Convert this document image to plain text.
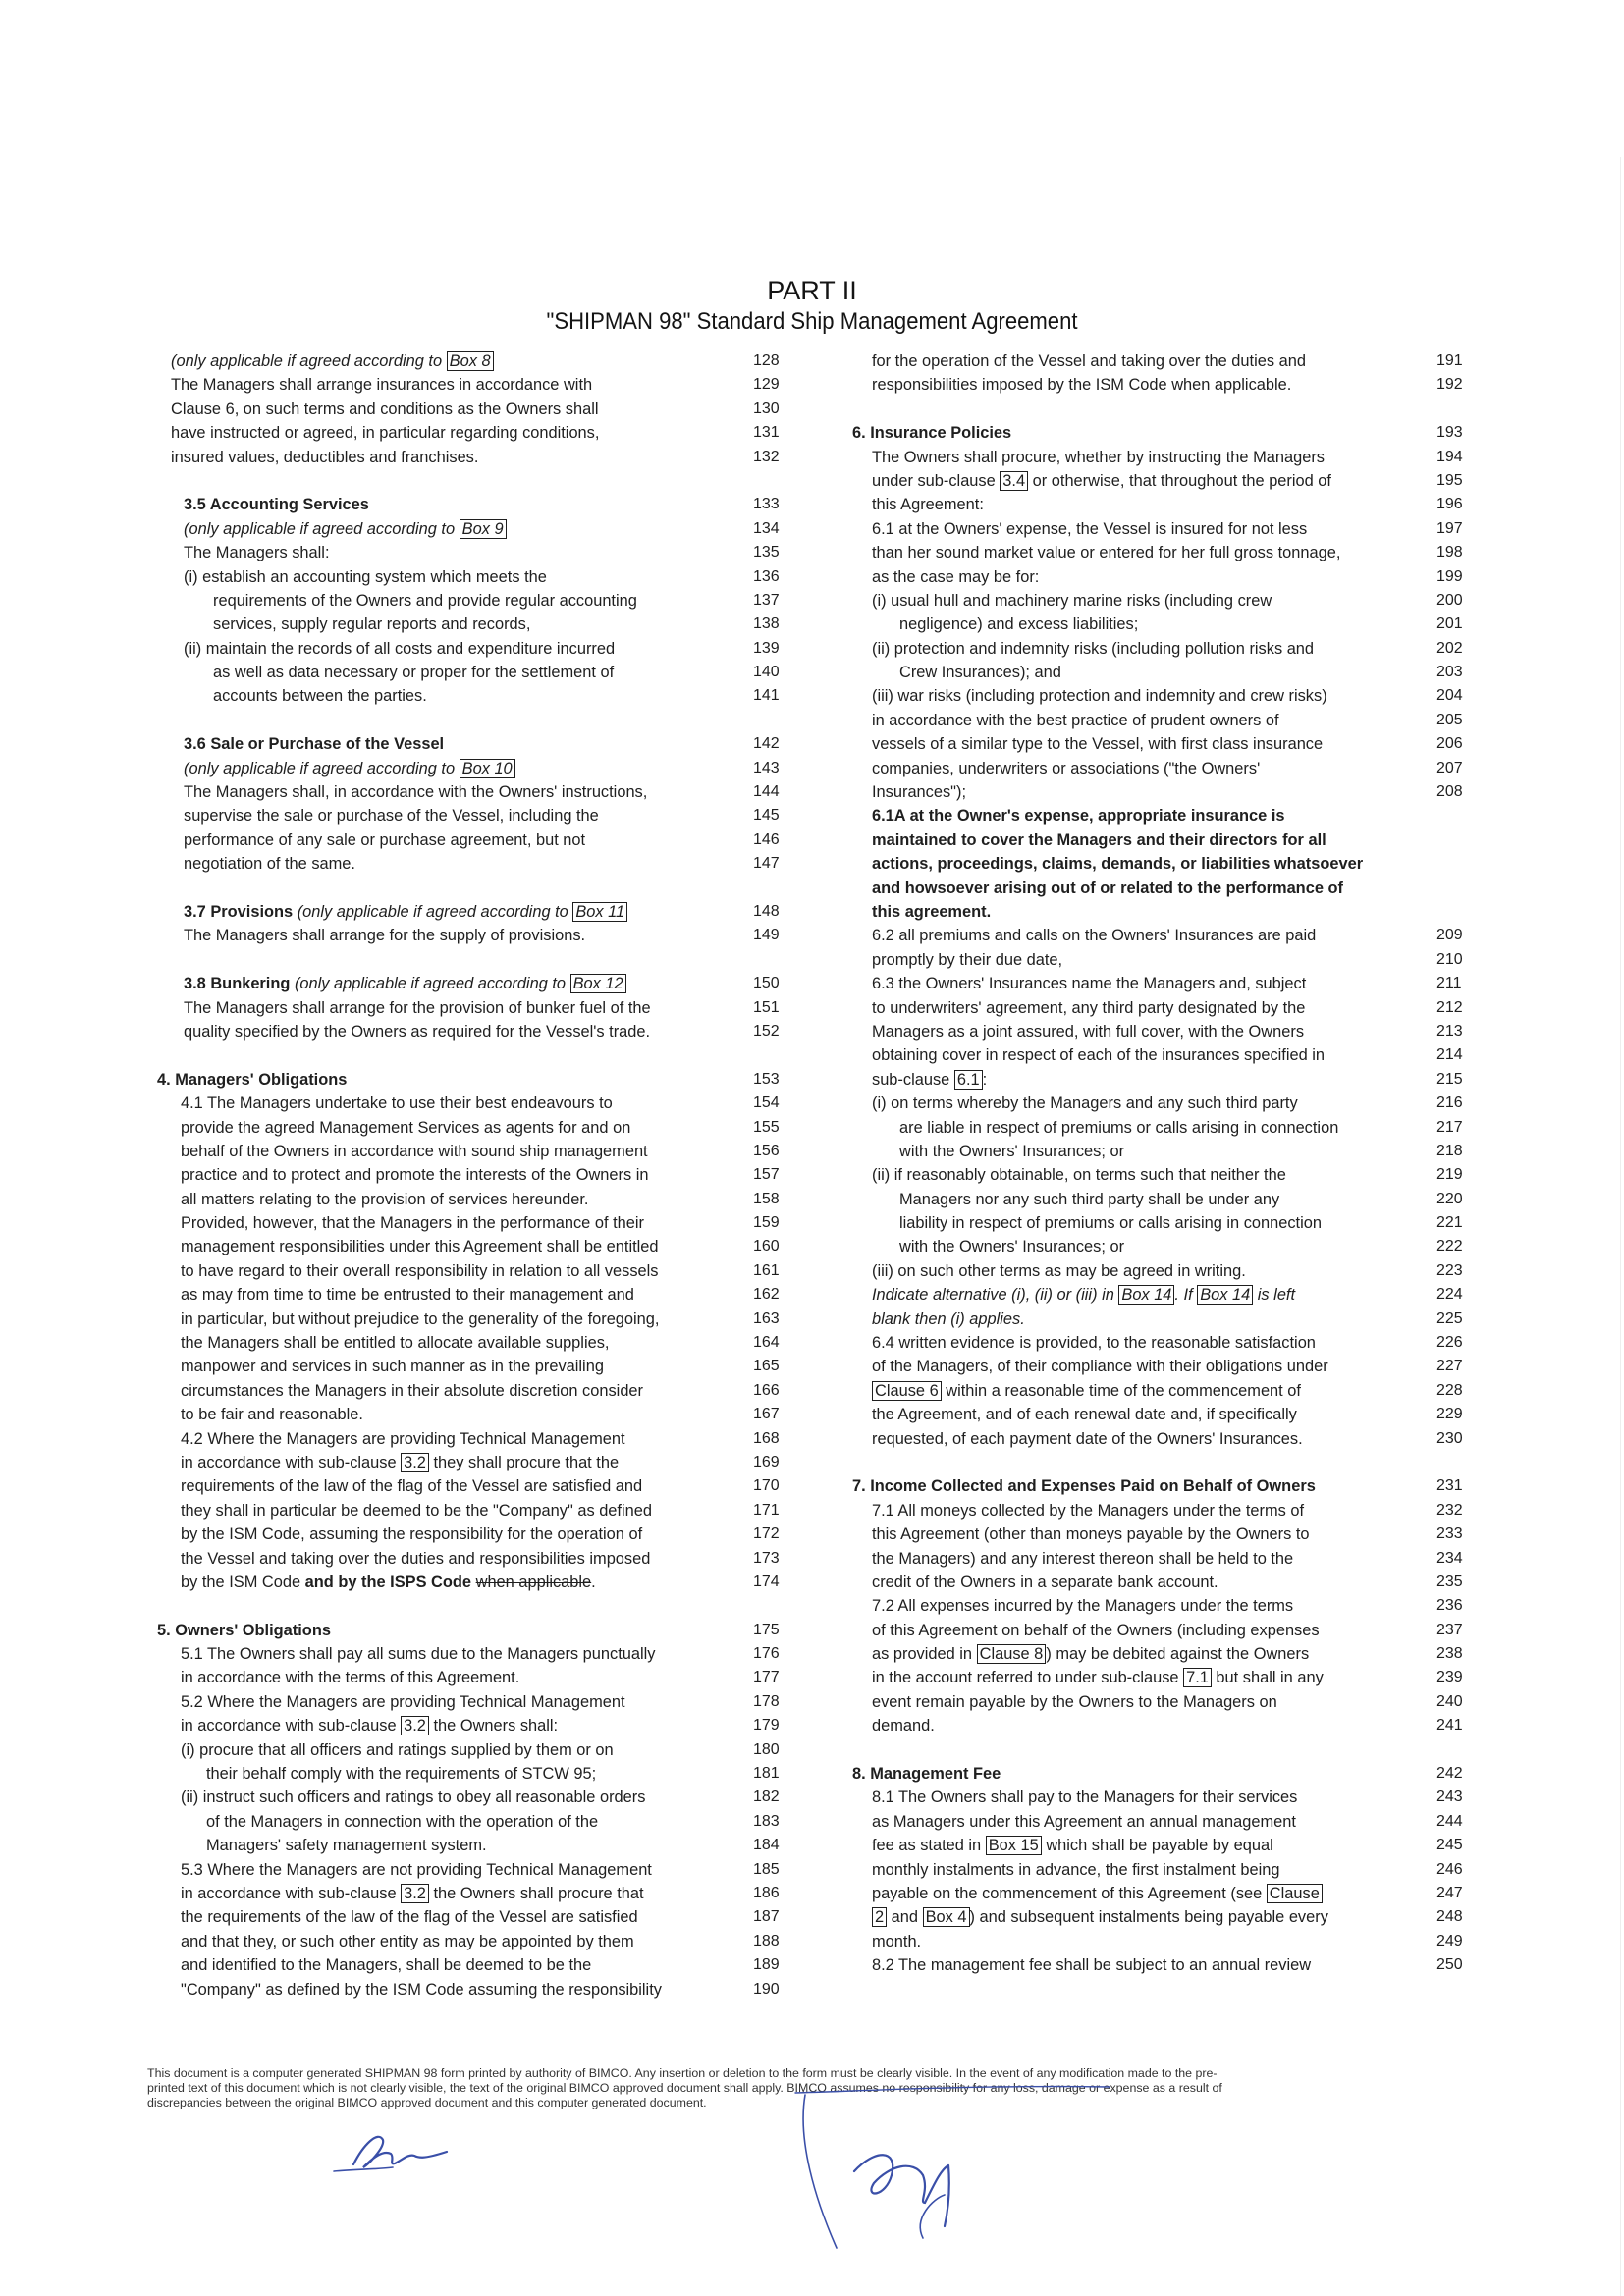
PART II
"SHIPMAN 98" Standard Ship Management Agreement
(only applicable if agreed according to Box 8	128
The Managers shall arrange insurances in accordance with	129
Clause 6, on such terms and conditions as the Owners shall	130
have instructed or agreed, in particular regarding conditions,	131
insured values, deductibles and franchises.	132
3.5 Accounting Services	133
(only applicable if agreed according to Box 9	134
The Managers shall:	135
(i) establish an accounting system which meets the	136
requirements of the Owners and provide regular accounting	137
services, supply regular reports and records,	138
(ii) maintain the records of all costs and expenditure incurred	139
as well as data necessary or proper for the settlement of	140
accounts between the parties.	141
3.6 Sale or Purchase of the Vessel	142
(only applicable if agreed according to Box 10	143
The Managers shall, in accordance with the Owners' instructions,	144
supervise the sale or purchase of the Vessel, including the	145
performance of any sale or purchase agreement, but not	146
negotiation of the same.	147
3.7 Provisions (only applicable if agreed according to Box 11	148
The Managers shall arrange for the supply of provisions.	149
3.8 Bunkering (only applicable if agreed according to Box 12	150
The Managers shall arrange for the provision of bunker fuel of the	151
quality specified by the Owners as required for the Vessel's trade.	152
4. Managers' Obligations	153
4.1 The Managers undertake to use their best endeavours to	154
provide the agreed Management Services as agents for and on	155
behalf of the Owners in accordance with sound ship management	156
practice and to protect and promote the interests of the Owners in	157
all matters relating to the provision of services hereunder.	158
Provided, however, that the Managers in the performance of their	159
management responsibilities under this Agreement shall be entitled	160
to have regard to their overall responsibility in relation to all vessels	161
as may from time to time be entrusted to their management and	162
in particular, but without prejudice to the generality of the foregoing,	163
the Managers shall be entitled to allocate available supplies,	164
manpower and services in such manner as in the prevailing	165
circumstances the Managers in their absolute discretion consider	166
to be fair and reasonable.	167
4.2 Where the Managers are providing Technical Management	168
in accordance with sub-clause 3.2 they shall procure that the	169
requirements of the law of the flag of the Vessel are satisfied and	170
they shall in particular be deemed to be the "Company" as defined	171
by the ISM Code, assuming the responsibility for the operation of	172
the Vessel and taking over the duties and responsibilities imposed	173
by the ISM Code and by the ISPS Code when applicable.	174
5. Owners' Obligations	175
5.1 The Owners shall pay all sums due to the Managers punctually	176
in accordance with the terms of this Agreement.	177
5.2 Where the Managers are providing Technical Management	178
in accordance with sub-clause 3.2 the Owners shall:	179
(i) procure that all officers and ratings supplied by them or on	180
their behalf comply with the requirements of STCW 95;	181
(ii) instruct such officers and ratings to obey all reasonable orders	182
of the Managers in connection with the operation of the	183
Managers' safety management system.	184
5.3 Where the Managers are not providing Technical Management	185
in accordance with sub-clause 3.2 the Owners shall procure that	186
the requirements of the law of the flag of the Vessel are satisfied	187
and that they, or such other entity as may be appointed by them	188
and identified to the Managers, shall be deemed to be the	189
"Company" as defined by the ISM Code assuming the responsibility	190
for the operation of the Vessel and taking over the duties and	191
responsibilities imposed by the ISM Code when applicable.	192
6. Insurance Policies	193
The Owners shall procure, whether by instructing the Managers	194
under sub-clause 3.4 or otherwise, that throughout the period of	195
this Agreement:	196
6.1 at the Owners' expense, the Vessel is insured for not less	197
than her sound market value or entered for her full gross tonnage,	198
as the case may be for:	199
(i) usual hull and machinery marine risks (including crew	200
negligence) and excess liabilities;	201
(ii) protection and indemnity risks (including pollution risks and	202
Crew Insurances); and	203
(iii) war risks (including protection and indemnity and crew risks)	204
in accordance with the best practice of prudent owners of	205
vessels of a similar type to the Vessel, with first class insurance	206
companies, underwriters or associations ("the Owners'	207
Insurances");	208
6.1A at the Owner's expense, appropriate insurance is
maintained to cover the Managers and their directors for all
actions, proceedings, claims, demands, or liabilities whatsoever
and howsoever arising out of or related to the performance of
this agreement.
6.2 all premiums and calls on the Owners' Insurances are paid	209
promptly by their due date,	210
6.3 the Owners' Insurances name the Managers and, subject	211
to underwriters' agreement, any third party designated by the	212
Managers as a joint assured, with full cover, with the Owners	213
obtaining cover in respect of each of the insurances specified in	214
sub-clause 6.1 :	215
(i) on terms whereby the Managers and any such third party	216
are liable in respect of premiums or calls arising in connection	217
with the Owners' Insurances; or	218
(ii) if reasonably obtainable, on terms such that neither the	219
Managers nor any such third party shall be under any	220
liability in respect of premiums or calls arising in connection	221
with the Owners' Insurances; or	222
(iii) on such other terms as may be agreed in writing.	223
Indicate alternative (i), (ii) or (iii) in Box 14 . If Box 14 is left	224
blank then (i) applies.	225
6.4 written evidence is provided, to the reasonable satisfaction	226
of the Managers, of their compliance with their obligations under	227
Clause 6 within a reasonable time of the commencement of	228
the Agreement, and of each renewal date and, if specifically	229
requested, of each payment date of the Owners' Insurances.	230
7. Income Collected and Expenses Paid on Behalf of Owners	231
7.1 All moneys collected by the Managers under the terms of	232
this Agreement (other than moneys payable by the Owners to	233
the Managers) and any interest thereon shall be held to the	234
credit of the Owners in a separate bank account.	235
7.2 All expenses incurred by the Managers under the terms	236
of this Agreement on behalf of the Owners (including expenses	237
as provided in Clause 8 ) may be debited against the Owners	238
in the account referred to under sub-clause 7.1 but shall in any	239
event remain payable by the Owners to the Managers on	240
demand.	241
8. Management Fee	242
8.1 The Owners shall pay to the Managers for their services	243
as Managers under this Agreement an annual management	244
fee as stated in Box 15 which shall be payable by equal	245
monthly instalments in advance, the first instalment being	246
payable on the commencement of this Agreement (see Clause	247
2 and Box 4 ) and subsequent instalments being payable every	248
month.	249
8.2 The management fee shall be subject to an annual review	250
This document is a computer generated SHIPMAN 98 form printed by authority of BIMCO. Any insertion or deletion to the form must be clearly visible. In the event of any modification made to the pre-
printed text of this document which is not clearly visible, the text of the original BIMCO approved document shall apply. BIMCO assumes no responsibility for any loss, damage or expense as a result of
discrepancies between the original BIMCO approved document and this computer generated document.
